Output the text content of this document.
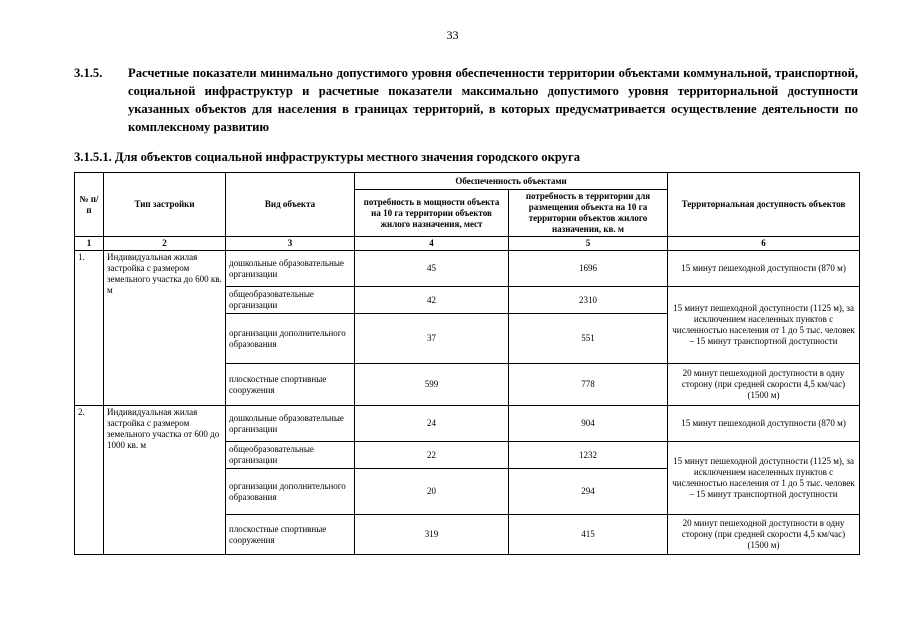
33
3.1.5. Расчетные показатели минимально допустимого уровня обеспеченности территории объектами коммунальной, транспортной, социальной инфраструктур и расчетные показатели максимально допустимого уровня территориальной доступности указанных объектов для населения в границах территорий, в которых предусматривается осуществление деятельности по комплексному развитию
3.1.5.1. Для объектов социальной инфраструктуры местного значения городского округа
№ п/п	Тип застройки	Вид объекта	Обеспеченность объектами		Территориальная доступность объектов
			потребность в мощности объекта на 10 га территории объектов жилого назначения, мест	потребность в территории для размещения объекта на 10 га территории объектов жилого назначения, кв. м	
1	2	3	4	5	6
1.	Индивидуальная жилая застройка с размером земельного участка до 600 кв. м	дошкольные образовательные организации	45	1696	15 минут пешеходной доступности (870 м)
		общеобразовательные организации	42	2310	15 минут пешеходной доступности (1125 м), за исключением населенных пунктов с численностью населения от 1 до 5 тыс. человек – 15 минут транспортной доступности
		организации дополнительного образования	37	551	
		плоскостные спортивные сооружения	599	778	20 минут пешеходной доступности в одну сторону (при средней скорости 4,5 км/час) (1500 м)
2.	Индивидуальная жилая застройка с размером земельного участка от 600 до 1000 кв. м	дошкольные образовательные организации	24	904	15 минут пешеходной доступности (870 м)
		общеобразовательные организации	22	1232	15 минут пешеходной доступности (1125 м), за исключением населенных пунктов с численностью населения от 1 до 5 тыс. человек – 15 минут транспортной доступности
		организации дополнительного образования	20	294	
		плоскостные спортивные сооружения	319	415	20 минут пешеходной доступности в одну сторону (при средней скорости 4,5 км/час) (1500 м)
